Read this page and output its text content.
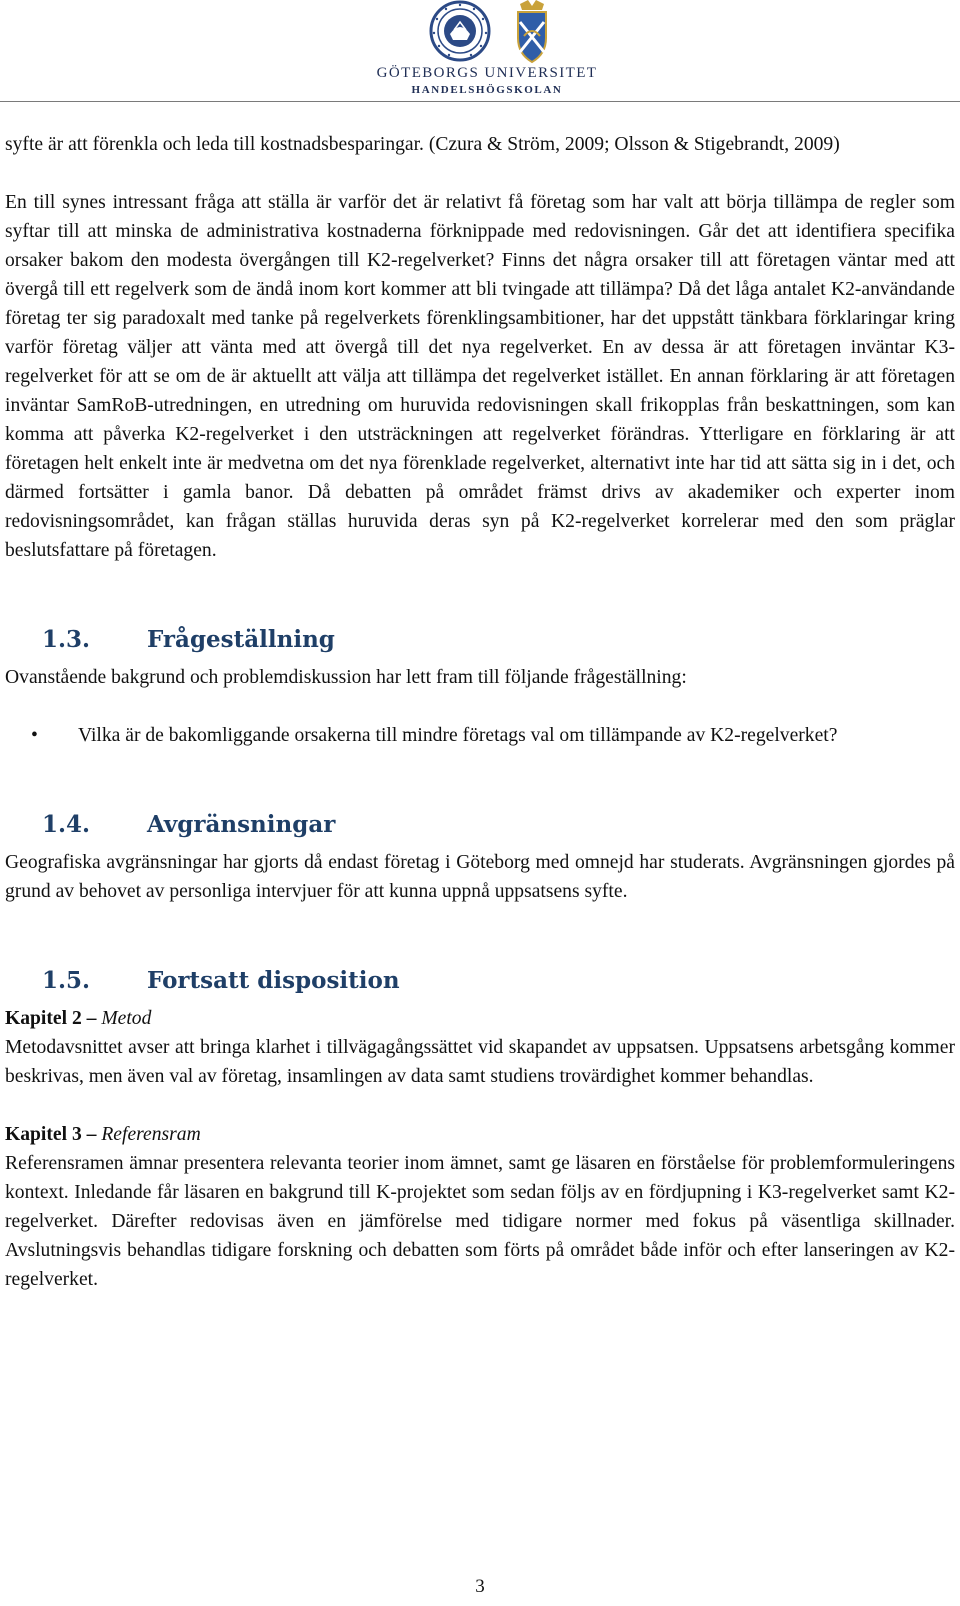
GÖTEBORGS UNIVERSITET
HANDELSHÖGSKOLAN

syfte är att förenkla och leda till kostnadsbesparingar. (Czura & Ström, 2009; Olsson & Stigebrandt, 2009)

En till synes intressant fråga att ställa är varför det är relativt få företag som har valt att börja tillämpa de regler som syftar till att minska de administrativa kostnaderna förknippade med redovisningen. Går det att identifiera specifika orsaker bakom den modesta övergången till K2-regelverket? Finns det några orsaker till att företagen väntar med att övergå till ett regelverk som de ändå inom kort kommer att bli tvingade att tillämpa? Då det låga antalet K2-användande företag ter sig paradoxalt med tanke på regelverkets förenklingsambitioner, har det uppstått tänkbara förklaringar kring varför företag väljer att vänta med att övergå till det nya regelverket. En av dessa är att företagen inväntar K3-regelverket för att se om de är aktuellt att välja att tillämpa det regelverket istället. En annan förklaring är att företagen inväntar SamRoB-utredningen, en utredning om huruvida redovisningen skall frikopplas från beskattningen, som kan komma att påverka K2-regelverket i den utsträckningen att regelverket förändras. Ytterligare en förklaring är att företagen helt enkelt inte är medvetna om det nya förenklade regelverket, alternativt inte har tid att sätta sig in i det, och därmed fortsätter i gamla banor. Då debatten på området främst drivs av akademiker och experter inom redovisningsområdet, kan frågan ställas huruvida deras syn på K2-regelverket korrelerar med den som präglar beslutsfattare på företagen.

1.3.	Frågeställning

Ovanstående bakgrund och problemdiskussion har lett fram till följande frågeställning:

• Vilka är de bakomliggande orsakerna till mindre företags val om tillämpande av K2-regelverket?
1.4.	Avgränsningar

Geografiska avgränsningar har gjorts då endast företag i Göteborg med omnejd har studerats. Avgränsningen gjordes på grund av behovet av personliga intervjuer för att kunna uppnå uppsatsens syfte.

1.5.	Fortsatt disposition

Kapitel 2 – Metod

Metodavsnittet avser att bringa klarhet i tillvägagångssättet vid skapandet av uppsatsen. Uppsatsens arbetsgång kommer beskrivas, men även val av företag, insamlingen av data samt studiens trovärdighet kommer behandlas.

Kapitel 3 – Referensram

Referensramen ämnar presentera relevanta teorier inom ämnet, samt ge läsaren en förståelse för problemformuleringens kontext. Inledande får läsaren en bakgrund till K-projektet som sedan följs av en fördjupning i K3-regelverket samt K2-regelverket. Därefter redovisas även en jämförelse med tidigare normer med fokus på väsentliga skillnader. Avslutningsvis behandlas tidigare forskning och debatten som förts på området både inför och efter lanseringen av K2-regelverket.

3
